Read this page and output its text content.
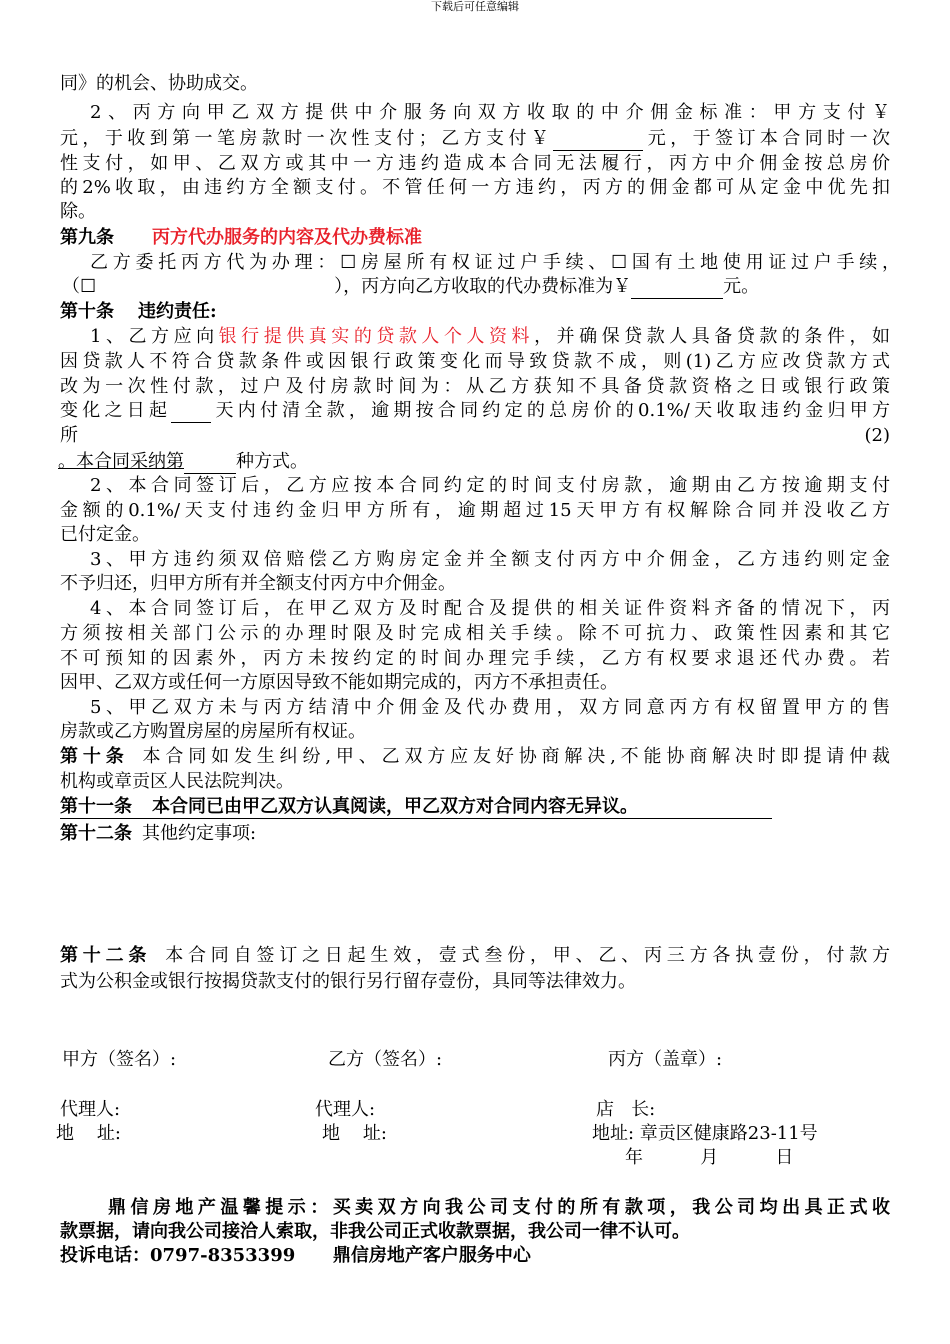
下载后可任意编辑
同》的机会、协助成交。
2、丙方向甲乙双方提供中介服务向双方收取的中介佣金标准：甲方支付￥
元，于收到第一笔房款时一次性支付；乙方支付￥	元，于签订本合同时一次
性支付，如甲、乙双方或其中一方违约造成本合同无法履行，丙方中介佣金按总房价
的2%收取，由违约方全额支付。不管任何一方违约，丙方的佣金都可从定金中优先扣
除。
第九条 丙方代办服务的内容及代办费标准
乙方委托丙方代为办理：☐房屋所有权证过户手续、☐国有土地使用证过户手续，
（☐	），丙方向乙方收取的代办费标准为￥	元。
第十条 违约责任:
1、乙方应向银行提供真实的贷款人个人资料，并确保贷款人具备贷款的条件，如
因贷款人不符合贷款条件或因银行政策变化而导致贷款不成，则(1)乙方应改贷款方式
改为一次性付款，过户及付房款时间为：从乙方获知不具备贷款资格之日或银行政策
变化之日起 天内付清全款，逾期按合同约定的总房价的0.1%/天收取违约金归甲方
所	(2)
。本合同采纳第	种方式。
2、本合同签订后，乙方应按本合同约定的时间支付房款，逾期由乙方按逾期支付
金额的0.1%/天支付违约金归甲方所有，逾期超过15天甲方有权解除合同并没收乙方
已付定金。
3、甲方违约须双倍赔偿乙方购房定金并全额支付丙方中介佣金，乙方违约则定金
不予归还，归甲方所有并全额支付丙方中介佣金。
4、本合同签订后，在甲乙双方及时配合及提供的相关证件资料齐备的情况下，丙
方须按相关部门公示的办理时限及时完成相关手续。除不可抗力、政策性因素和其它
不可预知的因素外，丙方未按约定的时间办理完手续，乙方有权要求退还代办费。若
因甲、乙双方或任何一方原因导致不能如期完成的，丙方不承担责任。
5、甲乙双方未与丙方结清中介佣金及代办费用，双方同意丙方有权留置甲方的售
房款或乙方购置房屋的房屋所有权证。
第十条 本合同如发生纠纷,甲、乙双方应友好协商解决,不能协商解决时即提请仲裁
机构或章贡区人民法院判决。
第十一条 本合同已由甲乙双方认真阅读，甲乙双方对合同内容无异议。
第十二条 其他约定事项:
第十二条 本合同自签订之日起生效，壹式叁份，甲、乙、丙三方各执壹份，付款方
式为公积金或银行按揭贷款支付的银行另行留存壹份，具同等法律效力。
甲方（签名）:	乙方（签名）:	丙方（盖章）:
代理人:	代理人:	店   长:
地    址:	地    址:	地址: 章贡区健康路23-11号
年          月          日
鼎信房地产温馨提示：买卖双方向我公司支付的所有款项，我公司均出具正式收
款票据，请向我公司接洽人索取，非我公司正式收款票据，我公司一律不认可。
投诉电话：0797-8353399      鼎信房地产客户服务中心
